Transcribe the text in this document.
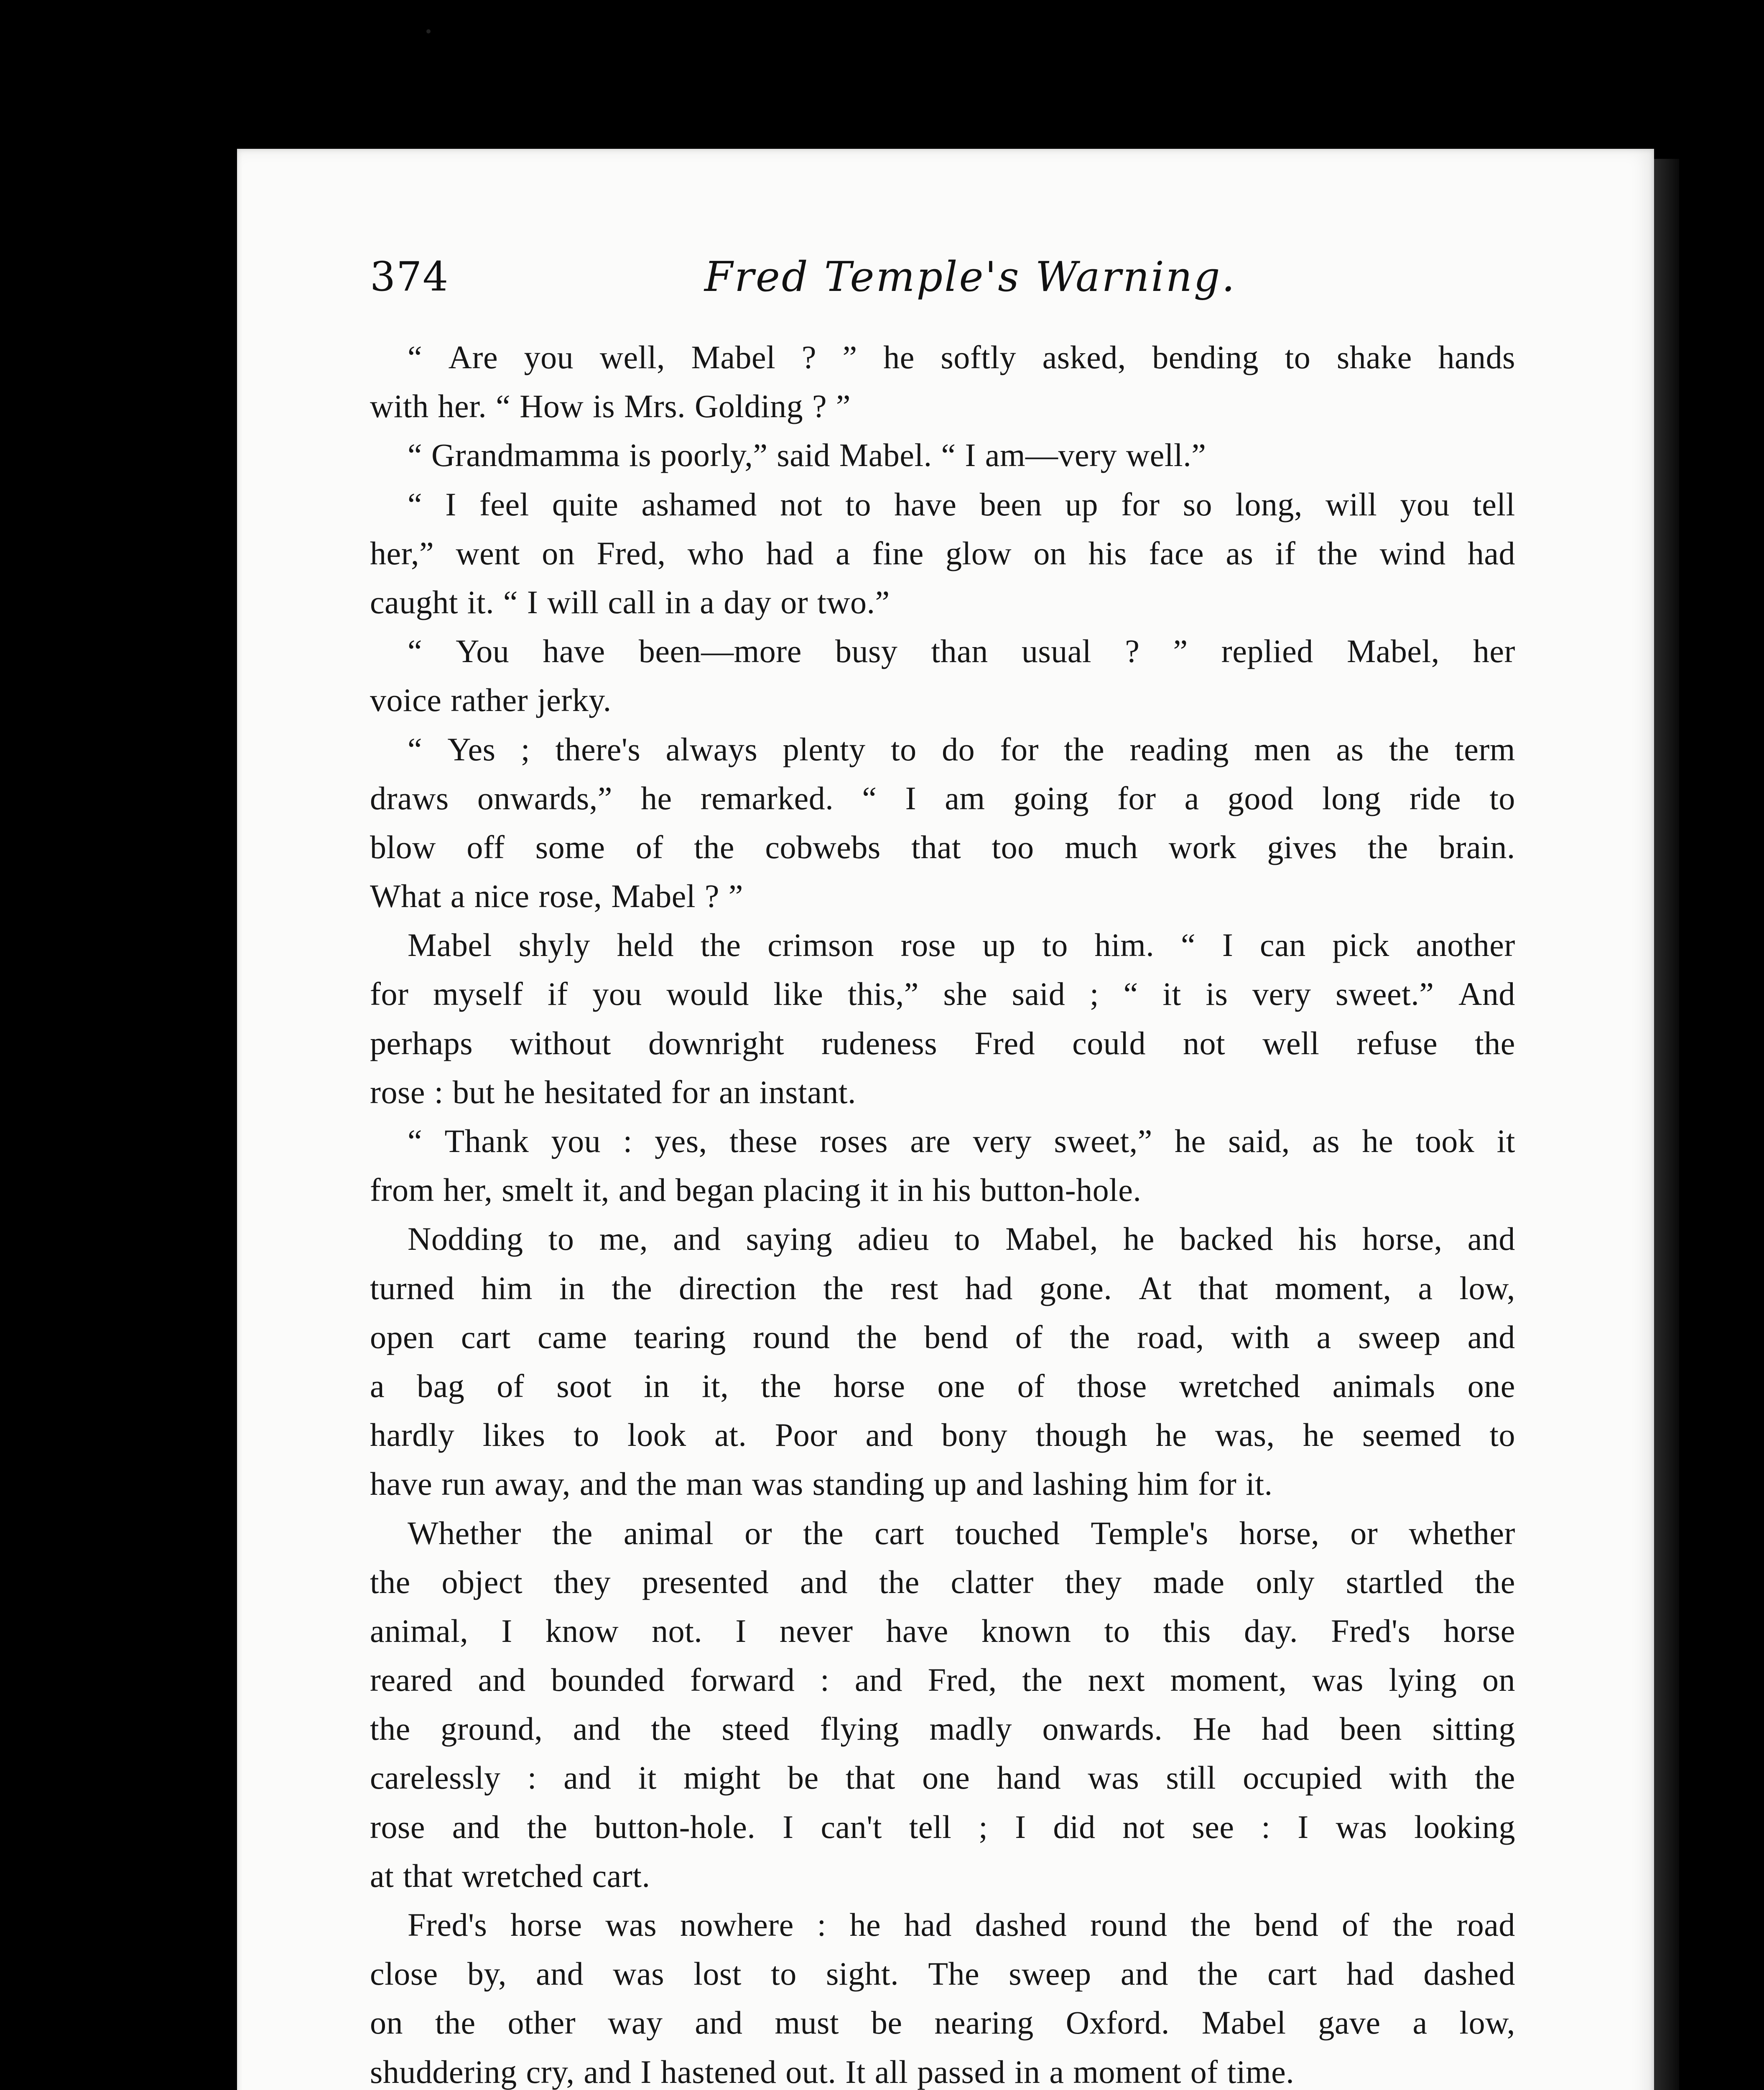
374	Fred Temple's Warning.
“ Are you well, Mabel ? ” he softly asked, bending to shake hands
with her. “ How is Mrs. Golding ? ”
“ Grandmamma is poorly,” said Mabel. “ I am—very well.”
“ I feel quite ashamed not to have been up for so long, will you tell
her,” went on Fred, who had a fine glow on his face as if the wind had
caught it. “ I will call in a day or two.”
“ You have been—more busy than usual ? ” replied Mabel, her
voice rather jerky.
“ Yes ; there's always plenty to do for the reading men as the term
draws onwards,” he remarked. “ I am going for a good long ride to
blow off some of the cobwebs that too much work gives the brain.
What a nice rose, Mabel ? ”
Mabel shyly held the crimson rose up to him. “ I can pick another
for myself if you would like this,” she said ; “ it is very sweet.” And
perhaps without downright rudeness Fred could not well refuse the
rose : but he hesitated for an instant.
“ Thank you : yes, these roses are very sweet,” he said, as he took it
from her, smelt it, and began placing it in his button-hole.
Nodding to me, and saying adieu to Mabel, he backed his horse, and
turned him in the direction the rest had gone. At that moment, a low,
open cart came tearing round the bend of the road, with a sweep and
a bag of soot in it, the horse one of those wretched animals one
hardly likes to look at. Poor and bony though he was, he seemed to
have run away, and the man was standing up and lashing him for it.
Whether the animal or the cart touched Temple's horse, or whether
the object they presented and the clatter they made only startled the
animal, I know not. I never have known to this day. Fred's horse
reared and bounded forward : and Fred, the next moment, was lying on
the ground, and the steed flying madly onwards. He had been sitting
carelessly : and it might be that one hand was still occupied with the
rose and the button-hole. I can't tell ; I did not see : I was looking
at that wretched cart.
Fred's horse was nowhere : he had dashed round the bend of the road
close by, and was lost to sight. The sweep and the cart had dashed
on the other way and must be nearing Oxford. Mabel gave a low,
shuddering cry, and I hastened out. It all passed in a moment of time.
